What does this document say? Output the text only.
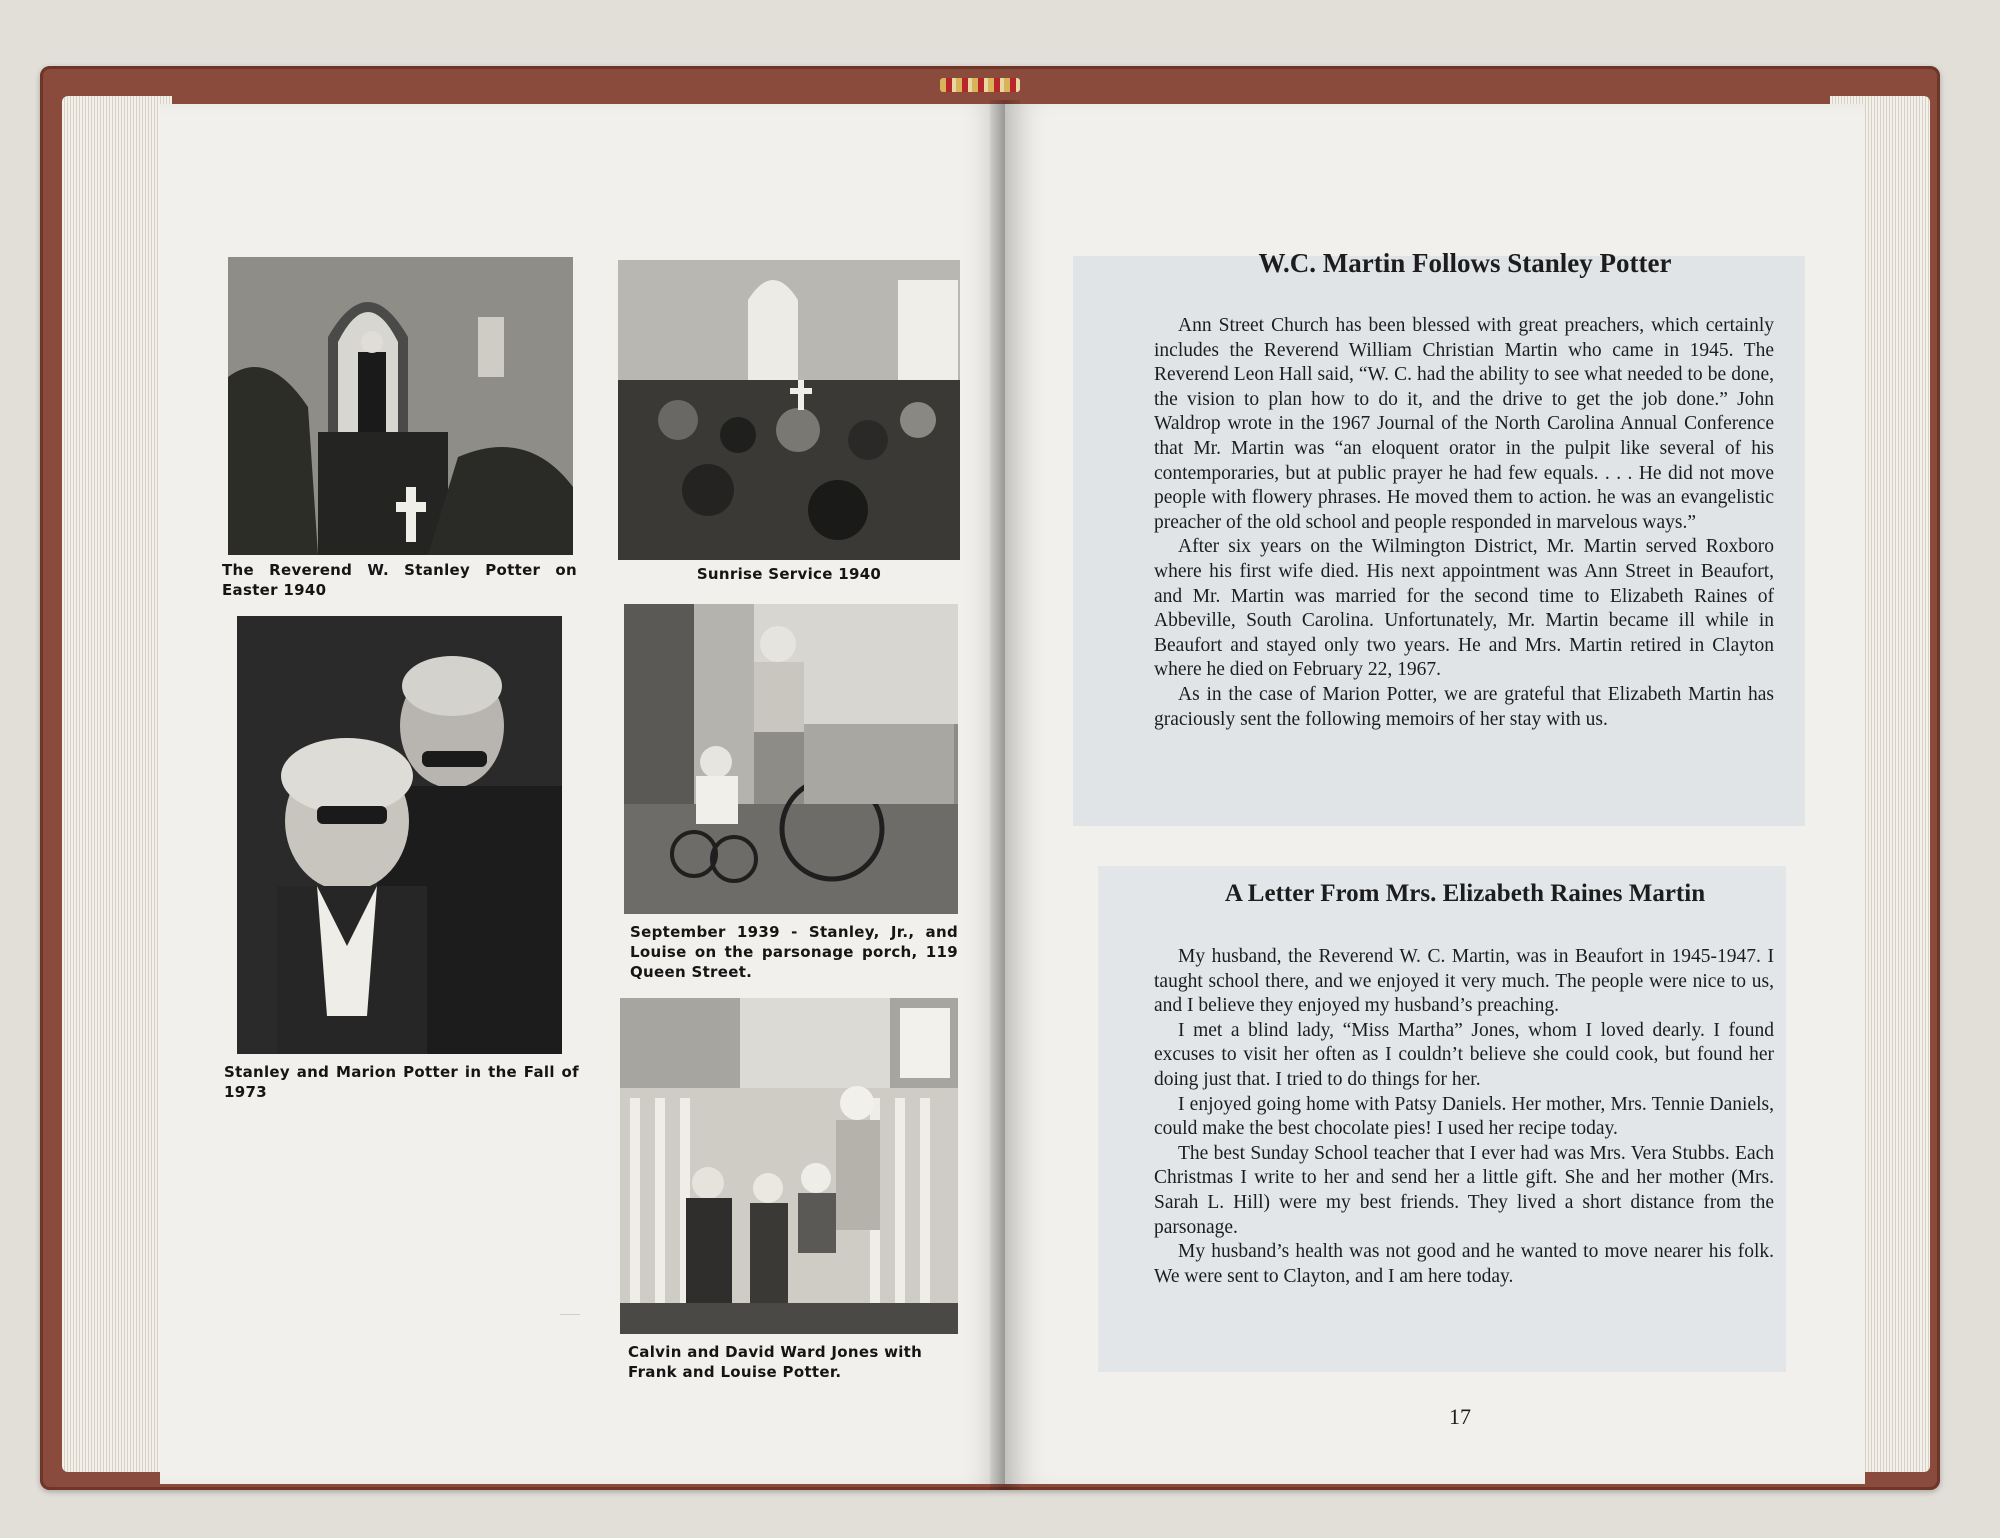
The Reverend W. Stanley Potter on Easter 1940
Sunrise Service 1940
Stanley and Marion Potter in the Fall of 1973
September 1939 - Stanley, Jr., and Louise on the parsonage porch, 119 Queen Street.
Calvin and David Ward Jones with Frank and Louise Potter.
—
W.C. Martin Follows Stanley Potter

Ann Street Church has been blessed with great preachers, which certainly includes the Reverend William Christian Martin who came in 1945. The Reverend Leon Hall said, “W. C. had the ability to see what needed to be done, the vision to plan how to do it, and the drive to get the job done.” John Waldrop wrote in the 1967 Journal of the North Carolina Annual Conference that Mr. Martin was “an eloquent orator in the pulpit like several of his contemporaries, but at public prayer he had few equals. . . . He did not move people with flowery phrases. He moved them to action. he was an evangelistic preacher of the old school and people responded in marvelous ways.”

After six years on the Wilmington District, Mr. Martin served Roxboro where his first wife died. His next appointment was Ann Street in Beaufort, and Mr. Martin was married for the second time to Elizabeth Raines of Abbeville, South Carolina. Unfortunately, Mr. Martin became ill while in Beaufort and stayed only two years. He and Mrs. Martin retired in Clayton where he died on February 22, 1967.

As in the case of Marion Potter, we are grateful that Elizabeth Martin has graciously sent the following memoirs of her stay with us.

A Letter From Mrs. Elizabeth Raines Martin

My husband, the Reverend W. C. Martin, was in Beaufort in 1945-1947. I taught school there, and we enjoyed it very much. The people were nice to us, and I believe they enjoyed my husband’s preaching.

I met a blind lady, “Miss Martha” Jones, whom I loved dearly. I found excuses to visit her often as I couldn’t believe she could cook, but found her doing just that. I tried to do things for her.

I enjoyed going home with Patsy Daniels. Her mother, Mrs. Tennie Daniels, could make the best chocolate pies! I used her recipe today.

The best Sunday School teacher that I ever had was Mrs. Vera Stubbs. Each Christmas I write to her and send her a little gift. She and her mother (Mrs. Sarah L. Hill) were my best friends. They lived a short distance from the parsonage.

My husband’s health was not good and he wanted to move nearer his folk. We were sent to Clayton, and I am here today.

17
